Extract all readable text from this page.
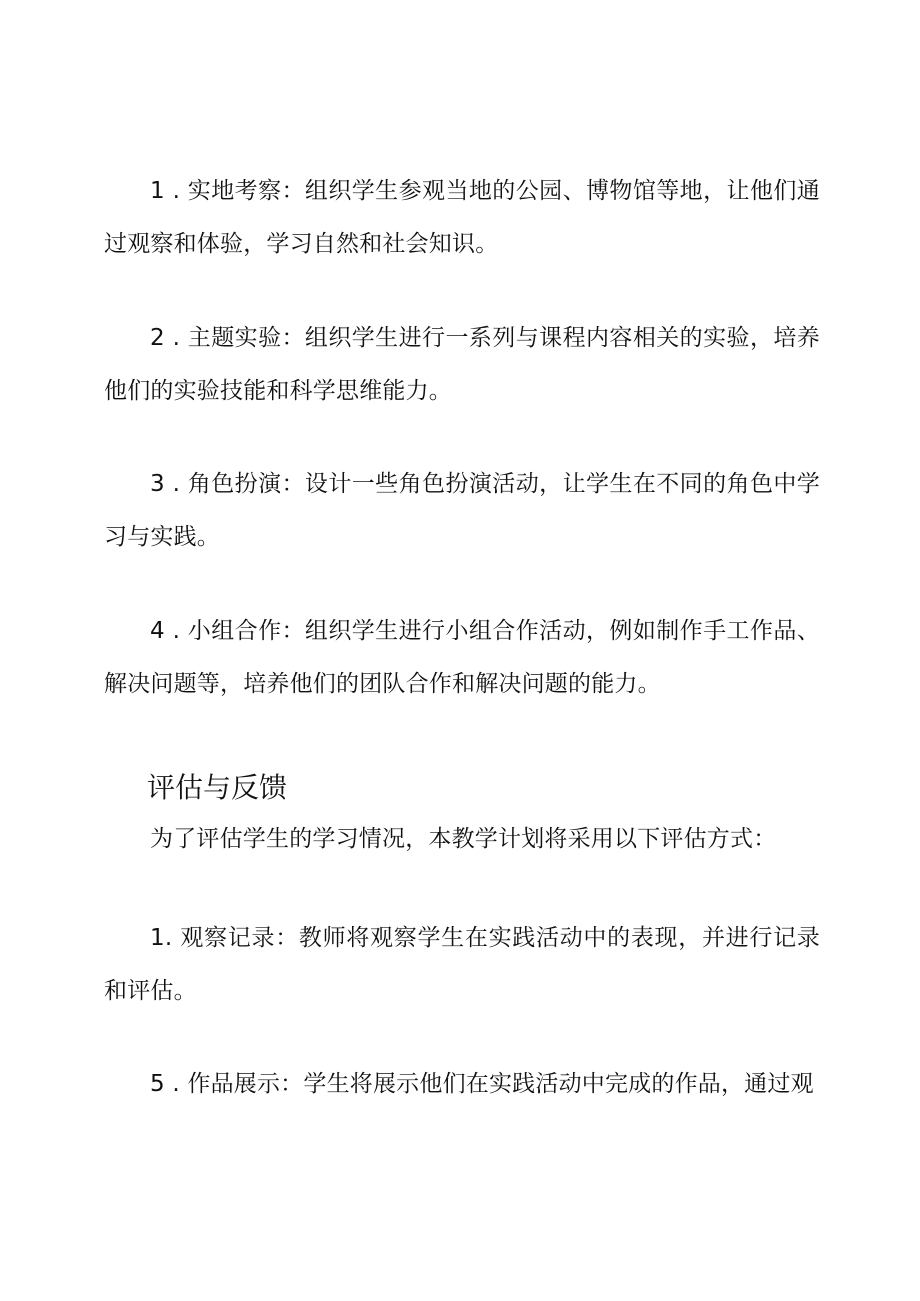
1 . 实地考察：组织学生参观当地的公园、博物馆等地，让他们通过观察和体验，学习自然和社会知识。

2 . 主题实验：组织学生进行一系列与课程内容相关的实验，培养他们的实验技能和科学思维能力。

3 . 角色扮演：设计一些角色扮演活动，让学生在不同的角色中学习与实践。

4 . 小组合作：组织学生进行小组合作活动，例如制作手工作品、解决问题等，培养他们的团队合作和解决问题的能力。

评估与反馈

为了评估学生的学习情况，本教学计划将采用以下评估方式：

1. 观察记录：教师将观察学生在实践活动中的表现，并进行记录和评估。

5 . 作品展示：学生将展示他们在实践活动中完成的作品，通过观
